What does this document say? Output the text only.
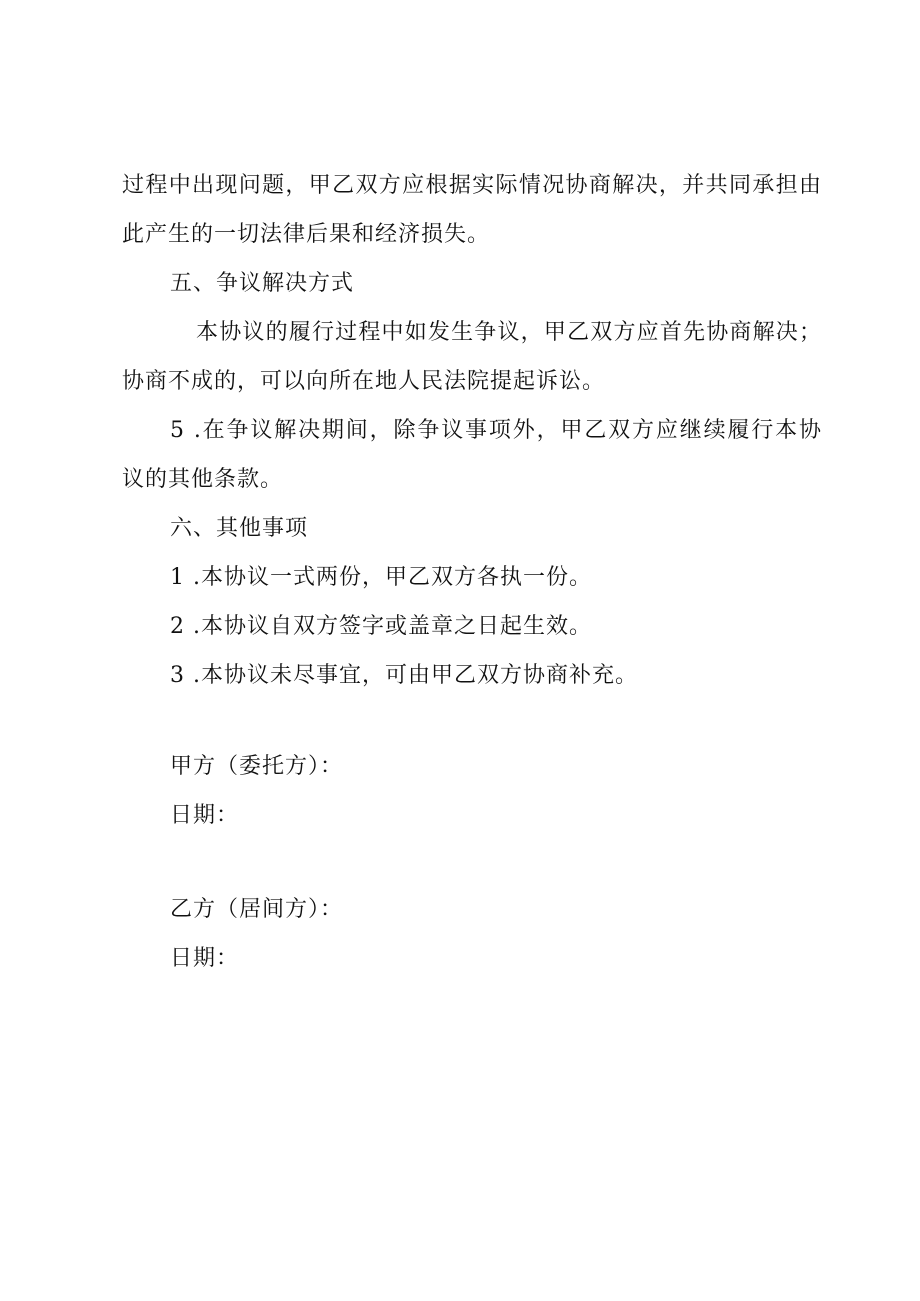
过程中出现问题，甲乙双方应根据实际情况协商解决，并共同承担由
此产生的一切法律后果和经济损失。
五、争议解决方式
本协议的履行过程中如发生争议，甲乙双方应首先协商解决；
协商不成的，可以向所在地人民法院提起诉讼。
5 .在争议解决期间，除争议事项外，甲乙双方应继续履行本协
议的其他条款。
六、其他事项
1 .本协议一式两份，甲乙双方各执一份。
2 .本协议自双方签字或盖章之日起生效。
3 .本协议未尽事宜，可由甲乙双方协商补充。
甲方（委托方）：
日期：
乙方（居间方）：
日期：
